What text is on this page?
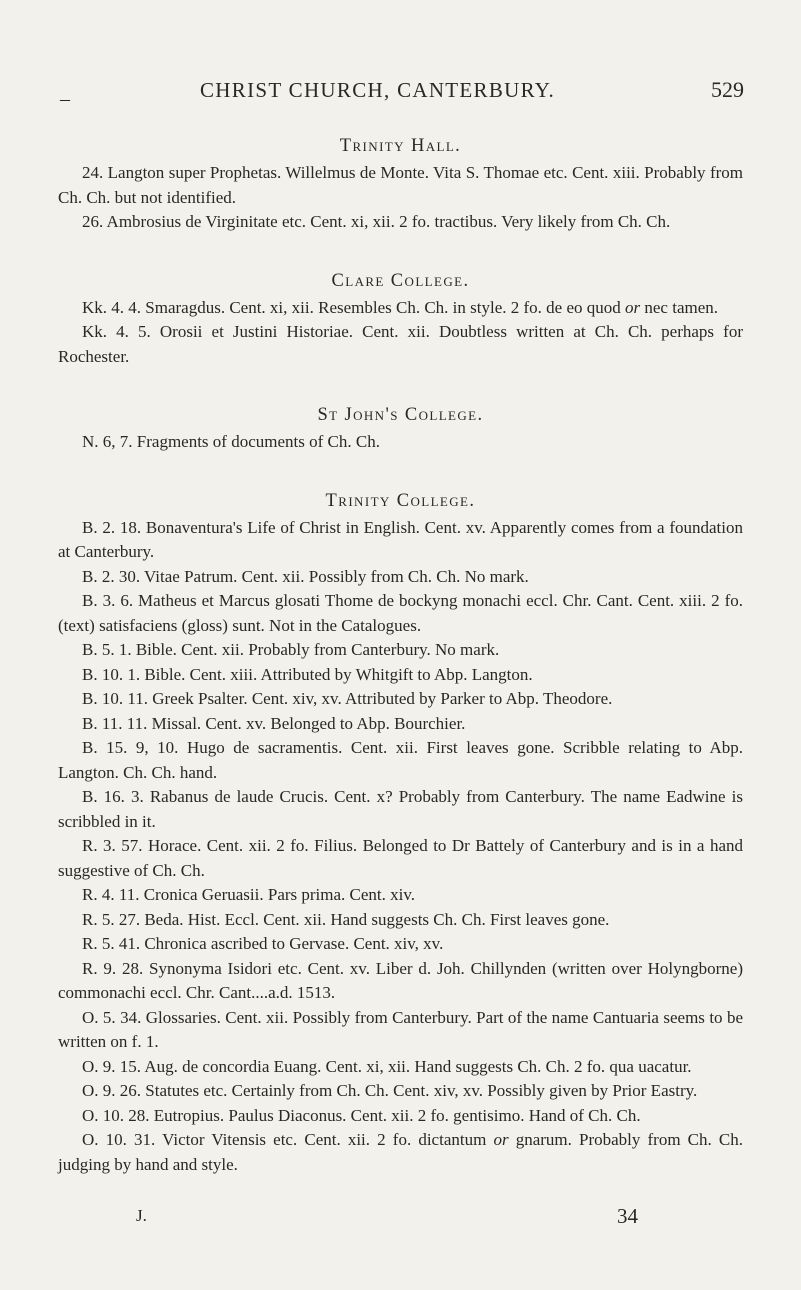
–	CHRIST CHURCH, CANTERBURY.	529
Trinity Hall.

24. Langton super Prophetas. Willelmus de Monte. Vita S. Thomae etc. Cent. xiii. Probably from Ch. Ch. but not identified.

26. Ambrosius de Virginitate etc. Cent. xi, xii. 2 fo. tractibus. Very likely from Ch. Ch.

Clare College.

Kk. 4. 4. Smaragdus. Cent. xi, xii. Resembles Ch. Ch. in style. 2 fo. de eo quod or nec tamen.

Kk. 4. 5. Orosii et Justini Historiae. Cent. xii. Doubtless written at Ch. Ch. perhaps for Rochester.

St John's College.

N. 6, 7. Fragments of documents of Ch. Ch.

Trinity College.

B. 2. 18. Bonaventura's Life of Christ in English. Cent. xv. Apparently comes from a foundation at Canterbury.

B. 2. 30. Vitae Patrum. Cent. xii. Possibly from Ch. Ch. No mark.

B. 3. 6. Matheus et Marcus glosati Thome de bockyng monachi eccl. Chr. Cant. Cent. xiii. 2 fo. (text) satisfaciens (gloss) sunt. Not in the Catalogues.

B. 5. 1. Bible. Cent. xii. Probably from Canterbury. No mark.

B. 10. 1. Bible. Cent. xiii. Attributed by Whitgift to Abp. Langton.

B. 10. 11. Greek Psalter. Cent. xiv, xv. Attributed by Parker to Abp. Theodore.

B. 11. 11. Missal. Cent. xv. Belonged to Abp. Bourchier.

B. 15. 9, 10. Hugo de sacramentis. Cent. xii. First leaves gone. Scribble relating to Abp. Langton. Ch. Ch. hand.

B. 16. 3. Rabanus de laude Crucis. Cent. x? Probably from Canterbury. The name Eadwine is scribbled in it.

R. 3. 57. Horace. Cent. xii. 2 fo. Filius. Belonged to Dr Battely of Canterbury and is in a hand suggestive of Ch. Ch.

R. 4. 11. Cronica Geruasii. Pars prima. Cent. xiv.

R. 5. 27. Beda. Hist. Eccl. Cent. xii. Hand suggests Ch. Ch. First leaves gone.

R. 5. 41. Chronica ascribed to Gervase. Cent. xiv, xv.

R. 9. 28. Synonyma Isidori etc. Cent. xv. Liber d. Joh. Chillynden (written over Holyngborne) commonachi eccl. Chr. Cant....a.d. 1513.

O. 5. 34. Glossaries. Cent. xii. Possibly from Canterbury. Part of the name Cantuaria seems to be written on f. 1.

O. 9. 15. Aug. de concordia Euang. Cent. xi, xii. Hand suggests Ch. Ch. 2 fo. qua uacatur.

O. 9. 26. Statutes etc. Certainly from Ch. Ch. Cent. xiv, xv. Possibly given by Prior Eastry.

O. 10. 28. Eutropius. Paulus Diaconus. Cent. xii. 2 fo. gentisimo. Hand of Ch. Ch.

O. 10. 31. Victor Vitensis etc. Cent. xii. 2 fo. dictantum or gnarum. Probably from Ch. Ch. judging by hand and style.

J.	34
